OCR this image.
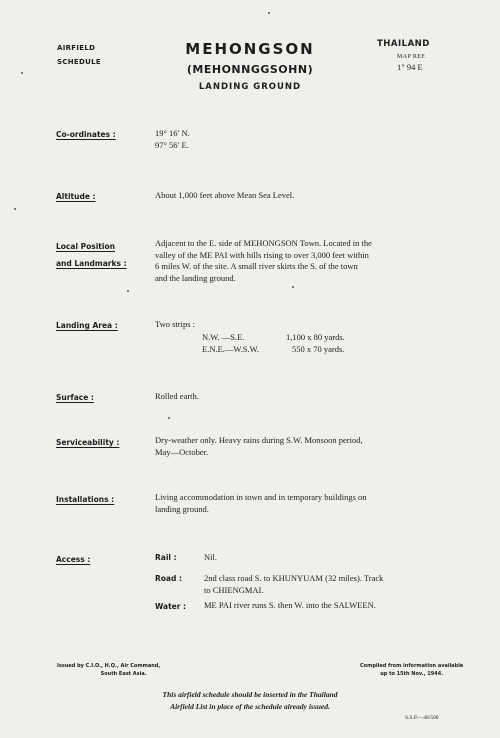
AIRFIELD
SCHEDULE
MEHONGSON
(MEHONNGGSOHN)
LANDING GROUND
THAILAND
MAP REF.
1" 94 E
Co-ordinates :	19° 16′ N.
97° 56′ E.
Altitude :	About 1,000 feet above Mean Sea Level.
Local Position
and Landmarks :
Adjacent to the E. side of MEHONGSON Town. Located in the
valley of the ME PAI with hills rising to over 3,000 feet within
6 miles W. of the site. A small river skirts the S. of the town
and the landing ground.
Landing Area :	Two strips :
N.W. —S.E.	1,100 x 80 yards.
E.N.E.—W.S.W.	550 x 70 yards.
Surface :	Rolled earth.
Serviceability :	Dry-weather only. Heavy rains during S.W. Monsoon period,
May—October.
Installations :	Living accommodation in town and in temporary buildings on
landing ground.
Access :	Rail :	Nil.
Road :	2nd class road S. to KHUNYUAM (32 miles). Track
to CHIENGMAI.
Water : ME PAI river runs S. then W. into the SALWEEN.
Issued by C.I.O., H.Q., Air Command,
South East Asia.
Compiled from information available
up to 15th Nov., 1944.
This airfield schedule should be inserted in the Thailand
Airfield List in place of the schedule already issued.
S.S.P.—48/500
